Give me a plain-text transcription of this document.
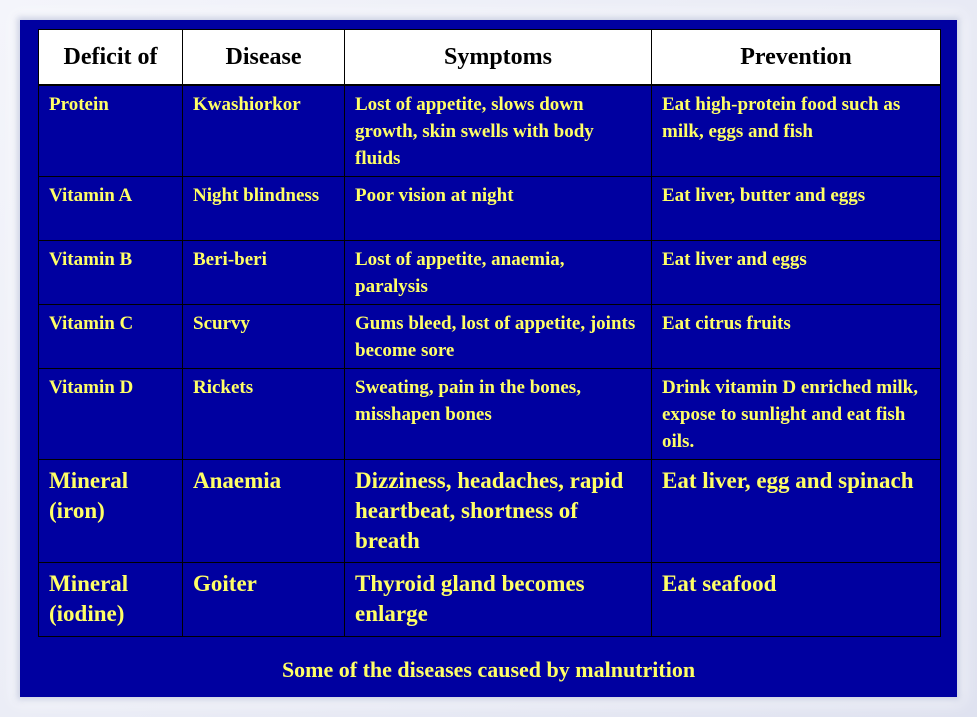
Deficit of	Disease	Symptoms	Prevention
Protein	Kwashiorkor	Lost of appetite, slows down growth, skin swells with body fluids	Eat high-protein food such as milk, eggs and fish
Vitamin A	Night blindness	Poor vision at night	Eat liver, butter and eggs
Vitamin B	Beri-beri	Lost of appetite, anaemia, paralysis	Eat liver and eggs
Vitamin C	Scurvy	Gums bleed, lost of appetite, joints become sore	Eat citrus fruits
Vitamin D	Rickets	Sweating, pain in the bones, misshapen bones	Drink vitamin D enriched milk, expose to sunlight and eat fish oils.
Mineral (iron)	Anaemia	Dizziness, headaches, rapid heartbeat, shortness of breath	Eat liver, egg and spinach
Mineral (iodine)	Goiter	Thyroid gland becomes enlarge	Eat seafood
Some of the diseases caused by malnutrition
